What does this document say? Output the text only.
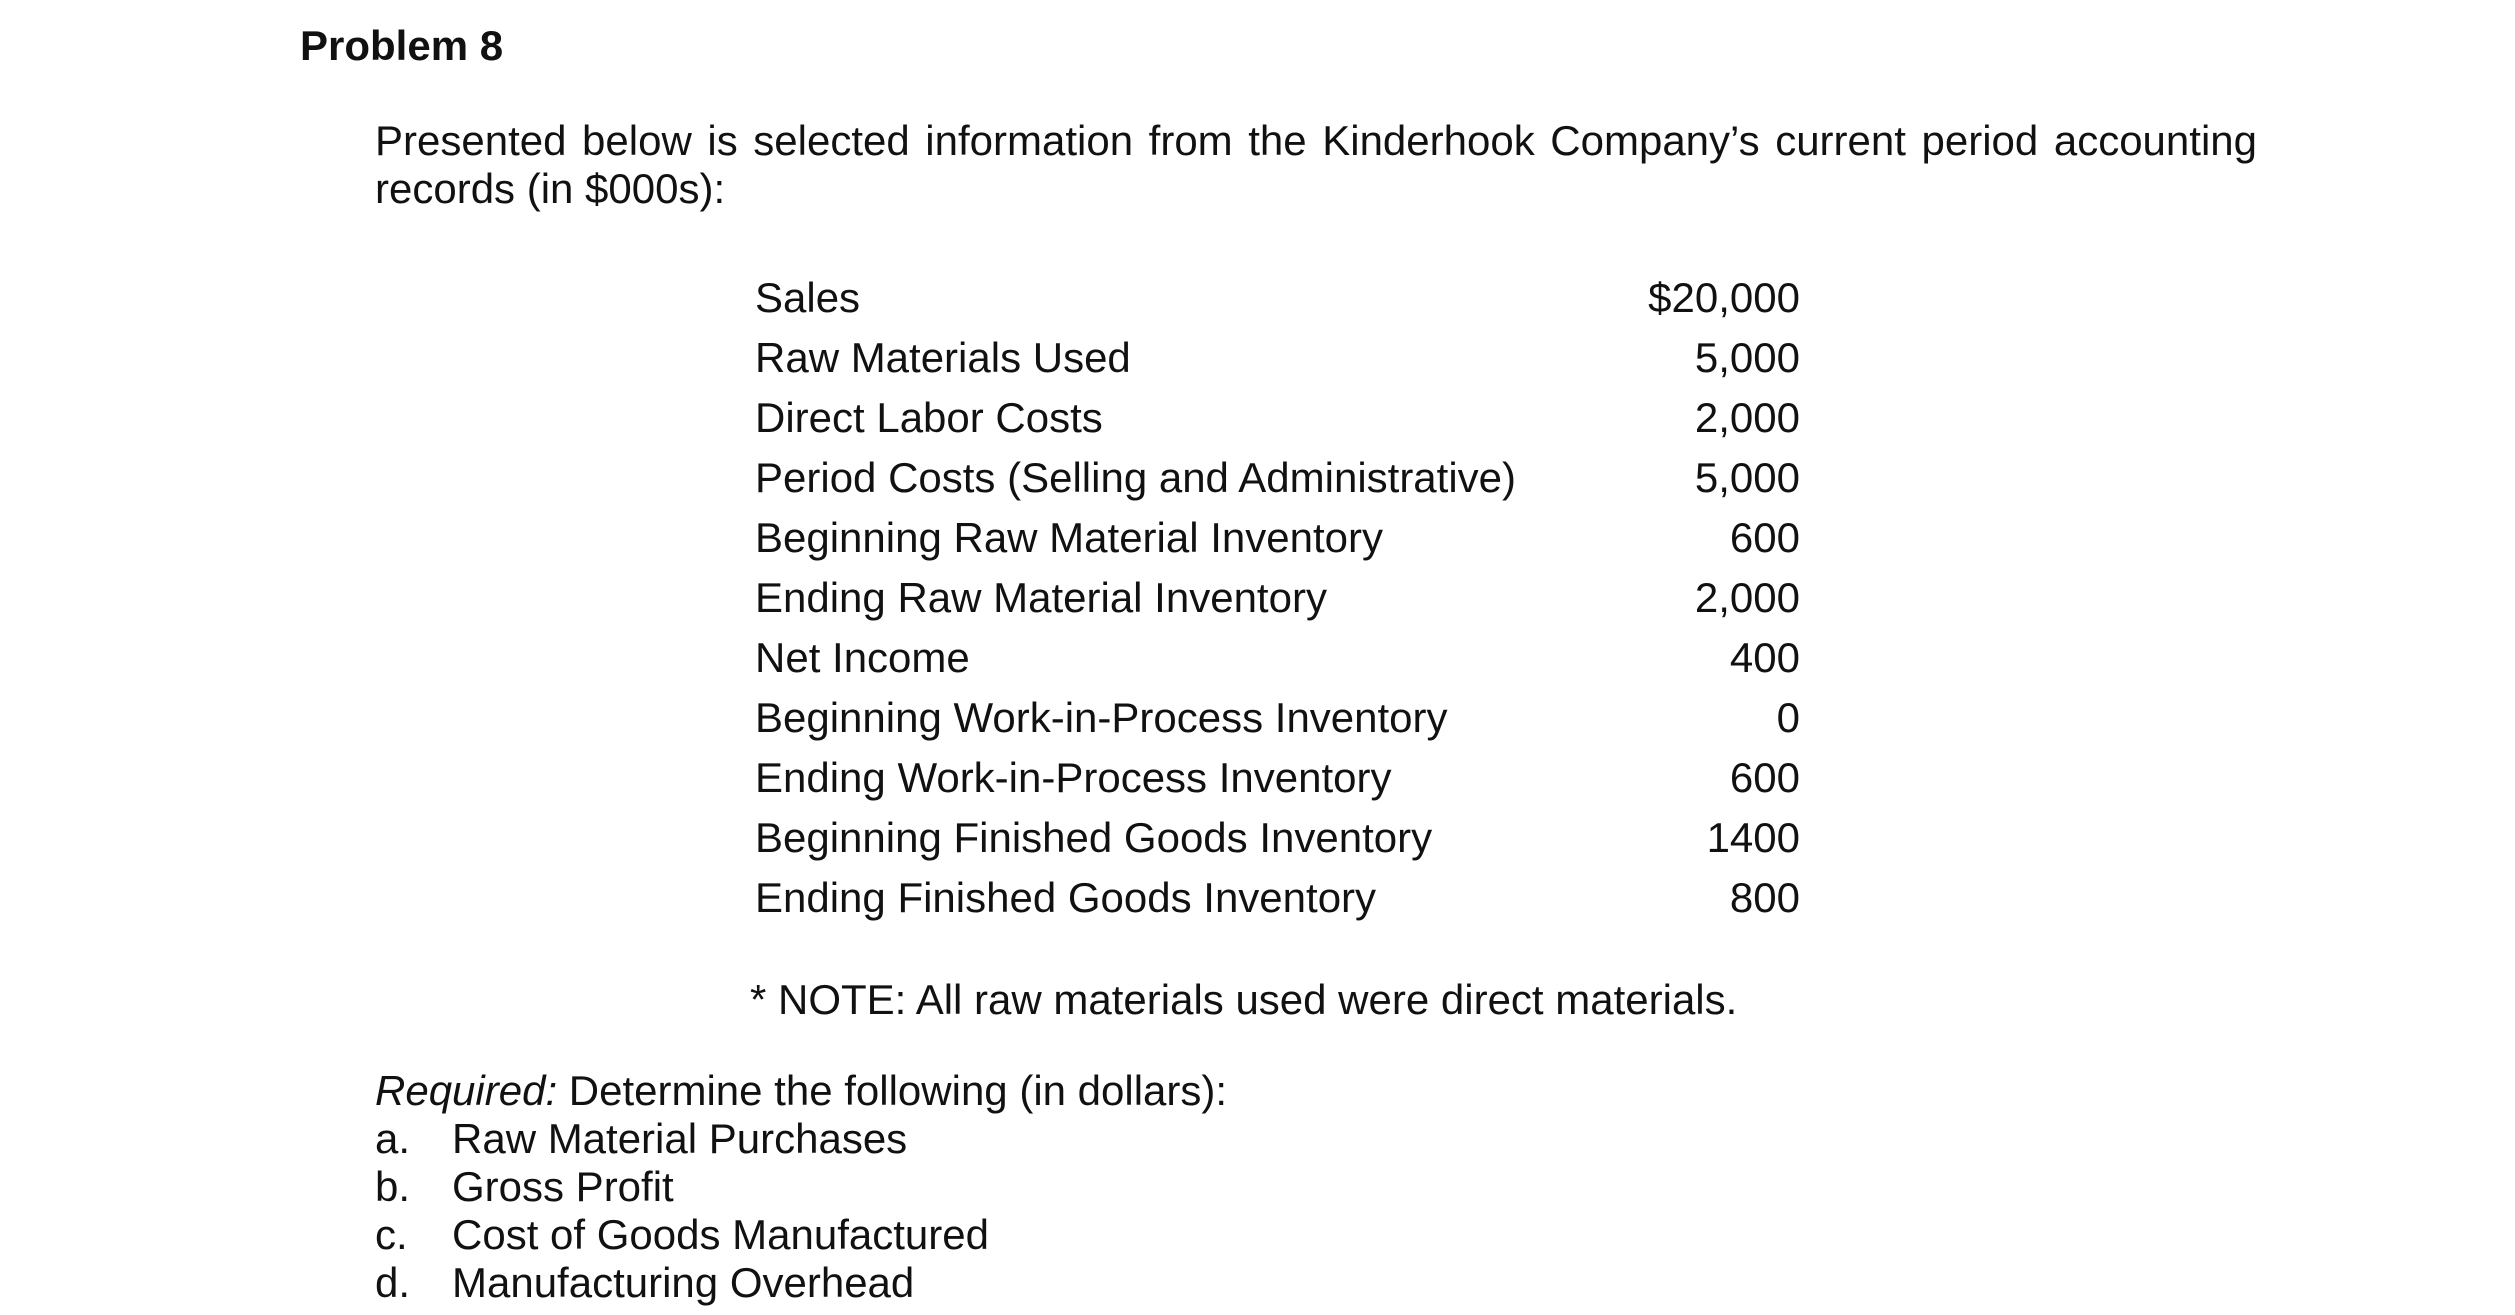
Problem 8
Presented below is selected information from the Kinderhook Company’s current period accounting records (in $000s):
Sales	$20,000
Raw Materials Used	5,000
Direct Labor Costs	2,000
Period Costs (Selling and Administrative)	5,000
Beginning Raw Material Inventory	600
Ending Raw Material Inventory	2,000
Net Income	400
Beginning Work-in-Process Inventory	0
Ending Work-in-Process Inventory	600
Beginning Finished Goods Inventory	1400
Ending Finished Goods Inventory	800
* NOTE: All raw materials used were direct materials.
Required: Determine the following (in dollars):
a. Raw Material Purchases
b. Gross Profit
c.	Cost of Goods Manufactured
d. Manufacturing Overhead
